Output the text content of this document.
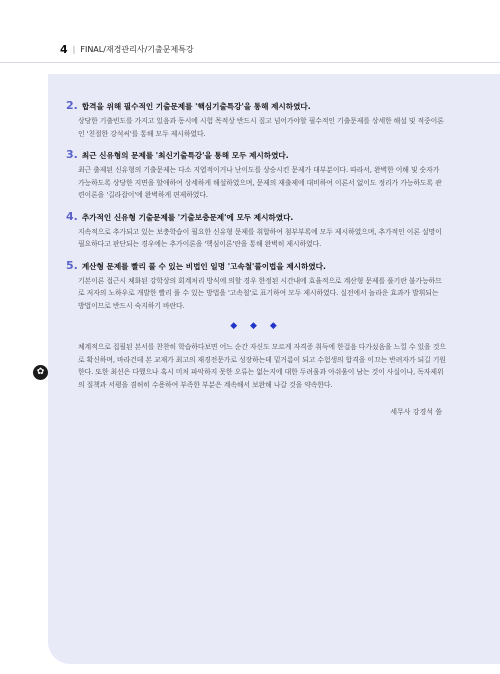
4 | FINAL/재경관리사/기출문제특강
✿
2. 합격을 위해 필수적인 기출문제를 '핵심기출특강'을 통해 제시하였다.
상당한 기출빈도를 가지고 있음과 동시에 시험 목적상 반드시 짚고 넘어가야할 필수적인 기출문제를 상세한 해설 및 적중이론인 '친절한 강석씨'를 통해 모두 제시하였다.
3. 최근 신유형의 문제를 '최신기출특강'을 통해 모두 제시하였다.
최근 출제된 신유형의 기출문제는 다소 지엽적이거나 난이도를 상승시킨 문제가 대부분이다. 따라서, 완벽한 이해 및 숫자가 가능하도록 상당한 지면을 할애하여 상세하게 해설하였으며, 문제의 재출제에 대비하여 이론서 없이도 정리가 가능하도록 관련이론을 '길라잡이'에 완벽하게 편제하였다.
4. 추가적인 신유형 기출문제를 '기출보충문제'에 모두 제시하였다.
지속적으로 추가되고 있는 보충학습이 필요한 신유형 문제를 취합하여 첨부부록에 모두 제시하였으며, 추가적인 이론 설명이 필요하다고 판단되는 경우에는 추가이론을 '핵심이론'란을 통해 완벽히 제시하였다.
5. 계산형 문제를 빨리 풀 수 있는 비법인 일명 '고속철'풀이법을 제시하였다.
기본이론 접근시 체화된 강학상의 회계처리 방식에 의할 경우 한정된 시간내에 효율적으로 계산형 문제를 풀기란 불가능하므로 저자의 노하우로 개발한 빨리 풀 수 있는 방법을 '고속철'로 표기하여 모두 제시하였다. 실전에서 놀라운 효과가 발휘되는 방법이므로 반드시 숙지하기 바란다.
◆ ◆ ◆
체계적으로 집필된 본서를 찬찬히 학습하다보면 어느 순간 자신도 모르게 자격증 취득에 한걸음 다가섰음을 느낄 수 있을 것으로 확신하며, 바라건데 본 교재가 최고의 재경전문가로 성장하는데 밑거름이 되고 수험생의 합격을 이끄는 반려자가 되길 기원한다. 또한 최선은 다했으나 혹시 미처 파악하지 못한 오류는 없는지에 대한 두려움과 아쉬움이 남는 것이 사실이나, 독자제위의 질책과 서평을 겸허히 수용하여 부족한 부분은 계속해서 보완해 나갈 것을 약속한다.
세무사 강경석 씀
